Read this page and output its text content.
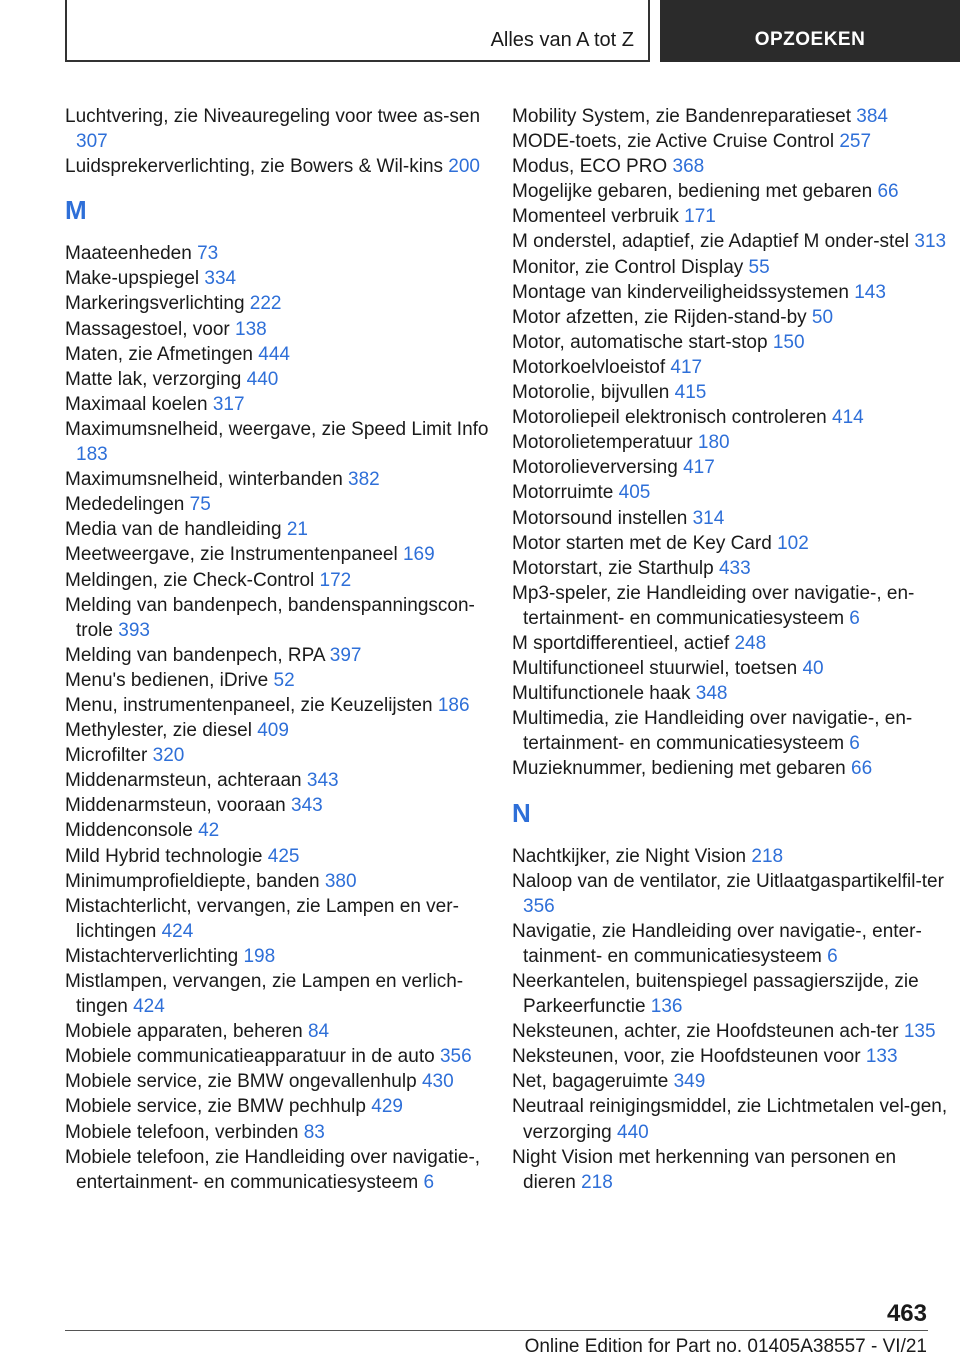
Alles van A tot Z	OPZOEKEN
Luchtvering, zie Niveauregeling voor twee as-sen 307
Luidsprekerverlichting, zie Bowers & Wil-kins 200
M
Maateenheden 73
Make-upspiegel 334
Markeringsverlichting 222
Massagestoel, voor 138
Maten, zie Afmetingen 444
Matte lak, verzorging 440
Maximaal koelen 317
Maximumsnelheid, weergave, zie Speed Limit Info 183
Maximumsnelheid, winterbanden 382
Mededelingen 75
Media van de handleiding 21
Meetweergave, zie Instrumentenpaneel 169
Meldingen, zie Check-Control 172
Melding van bandenpech, bandenspanningscon-trole 393
Melding van bandenpech, RPA 397
Menu's bedienen, iDrive 52
Menu, instrumentenpaneel, zie Keuzelijsten 186
Methylester, zie diesel 409
Microfilter 320
Middenarmsteun, achteraan 343
Middenarmsteun, vooraan 343
Middenconsole 42
Mild Hybrid technologie 425
Minimumprofieldiepte, banden 380
Mistachterlicht, vervangen, zie Lampen en ver-lichtingen 424
Mistachterverlichting 198
Mistlampen, vervangen, zie Lampen en verlich-tingen 424
Mobiele apparaten, beheren 84
Mobiele communicatieapparatuur in de auto 356
Mobiele service, zie BMW ongevallenhulp 430
Mobiele service, zie BMW pechhulp 429
Mobiele telefoon, verbinden 83
Mobiele telefoon, zie Handleiding over navigatie-, entertainment- en communicatiesysteem 6
Mobility System, zie Bandenreparatieset 384
MODE-toets, zie Active Cruise Control 257
Modus, ECO PRO 368
Mogelijke gebaren, bediening met gebaren 66
Momenteel verbruik 171
M onderstel, adaptief, zie Adaptief M onder-stel 313
Monitor, zie Control Display 55
Montage van kinderveiligheidssystemen 143
Motor afzetten, zie Rijden-stand-by 50
Motor, automatische start-stop 150
Motorkoelvloeistof 417
Motorolie, bijvullen 415
Motoroliepeil elektronisch controleren 414
Motorolietemperatuur 180
Motorolieverversing 417
Motorruimte 405
Motorsound instellen 314
Motor starten met de Key Card 102
Motorstart, zie Starthulp 433
Mp3-speler, zie Handleiding over navigatie-, en-tertainment- en communicatiesysteem 6
M sportdifferentieel, actief 248
Multifunctioneel stuurwiel, toetsen 40
Multifunctionele haak 348
Multimedia, zie Handleiding over navigatie-, en-tertainment- en communicatiesysteem 6
Muzieknummer, bediening met gebaren 66
N
Nachtkijker, zie Night Vision 218
Naloop van de ventilator, zie Uitlaatgaspartikelfil-ter 356
Navigatie, zie Handleiding over navigatie-, enter-tainment- en communicatiesysteem 6
Neerkantelen, buitenspiegel passagierszijde, zie Parkeerfunctie 136
Neksteunen, achter, zie Hoofdsteunen ach-ter 135
Neksteunen, voor, zie Hoofdsteunen voor 133
Net, bagageruimte 349
Neutraal reinigingsmiddel, zie Lichtmetalen vel-gen, verzorging 440
Night Vision met herkenning van personen en dieren 218
463
Online Edition for Part no. 01405A38557 - VI/21
